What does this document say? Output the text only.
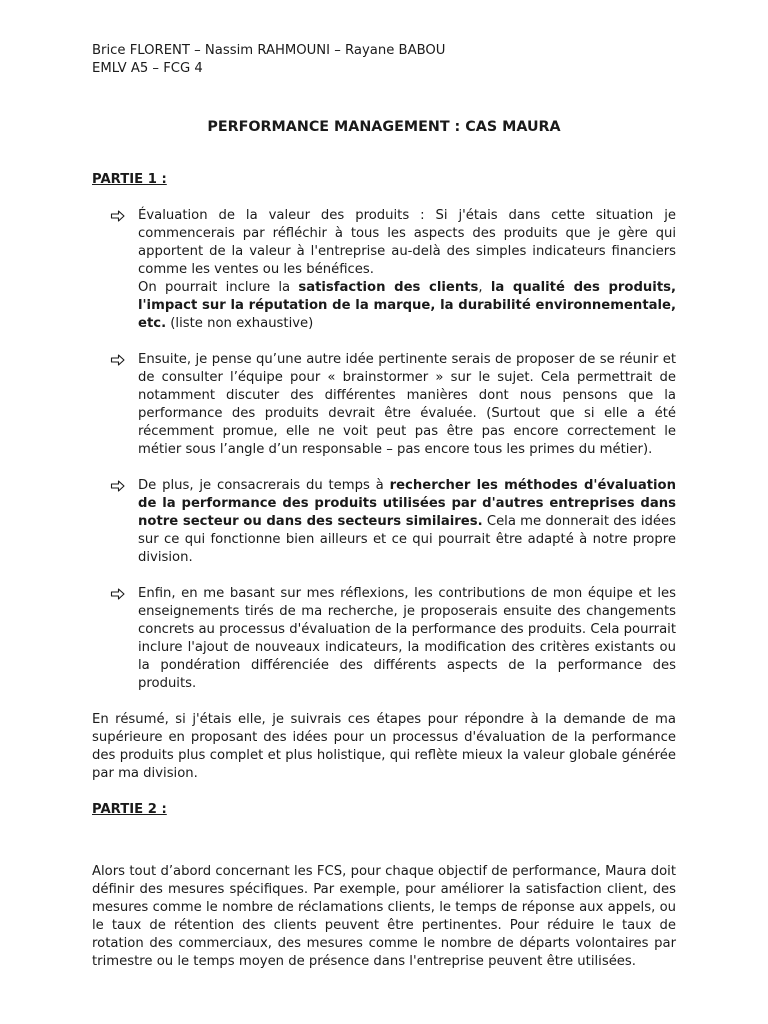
Brice FLORENT – Nassim RAHMOUNI – Rayane BABOU
EMLV A5 – FCG 4
PERFORMANCE MANAGEMENT : CAS MAURA
PARTIE 1 :
Évaluation de la valeur des produits : Si j'étais dans cette situation je commencerais par réfléchir à tous les aspects des produits que je gère qui apportent de la valeur à l'entreprise au-delà des simples indicateurs financiers comme les ventes ou les bénéfices.
On pourrait inclure la satisfaction des clients, la qualité des produits, l'impact sur la réputation de la marque, la durabilité environnementale, etc. (liste non exhaustive)
Ensuite, je pense qu’une autre idée pertinente serais de proposer de se réunir et de consulter l’équipe pour « brainstormer » sur le sujet. Cela permettrait de notamment discuter des différentes manières dont nous pensons que la performance des produits devrait être évaluée. (Surtout que si elle a été récemment promue, elle ne voit peut pas être pas encore correctement le métier sous l’angle d’un responsable – pas encore tous les primes du métier).
De plus, je consacrerais du temps à rechercher les méthodes d'évaluation de la performance des produits utilisées par d'autres entreprises dans notre secteur ou dans des secteurs similaires. Cela me donnerait des idées sur ce qui fonctionne bien ailleurs et ce qui pourrait être adapté à notre propre division.
Enfin, en me basant sur mes réflexions, les contributions de mon équipe et les enseignements tirés de ma recherche, je proposerais ensuite des changements concrets au processus d'évaluation de la performance des produits. Cela pourrait inclure l'ajout de nouveaux indicateurs, la modification des critères existants ou la pondération différenciée des différents aspects de la performance des produits.
En résumé, si j'étais elle, je suivrais ces étapes pour répondre à la demande de ma supérieure en proposant des idées pour un processus d'évaluation de la performance des produits plus complet et plus holistique, qui reflète mieux la valeur globale générée par ma division.
PARTIE 2 :
Alors tout d’abord concernant les FCS, pour chaque objectif de performance, Maura doit définir des mesures spécifiques. Par exemple, pour améliorer la satisfaction client, des mesures comme le nombre de réclamations clients, le temps de réponse aux appels, ou le taux de rétention des clients peuvent être pertinentes. Pour réduire le taux de rotation des commerciaux, des mesures comme le nombre de départs volontaires par trimestre ou le temps moyen de présence dans l'entreprise peuvent être utilisées.
